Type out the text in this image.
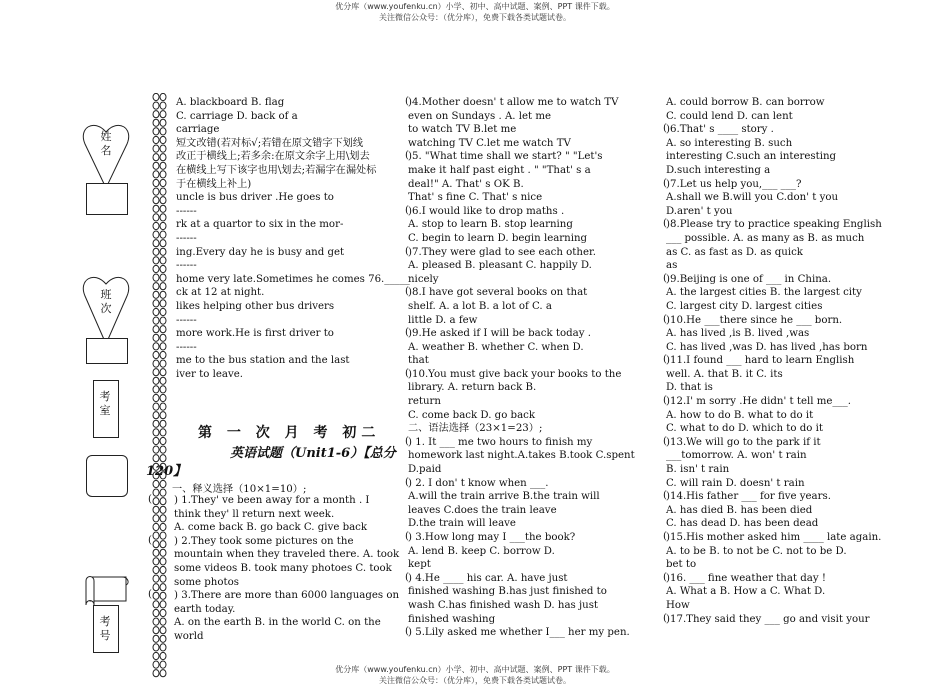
优分库（www.youfenku.cn）小学、初中、高中试题、案例、PPT 课件下载。
关注微信公众号：（优分库），免费下载各类试题试卷。
姓名
班次
考室
考号
A. blackboard B. flag
C. carriage D. back of a
carriage
短文改错(若对标√;若错在原文错字下划线
改正于横线上;若多余:在原文余字上用\划去
在横线上写下该字也用\划去;若漏字在漏处标
于在横线上补上)
uncle is bus driver .He goes to
------
rk at a quartor to six in the mor-
------
ing.Every day he is busy and get
------
home very late.Sometimes he comes 76._____
ck at 12 at night.
likes helping other bus drivers
------
more work.He is first driver to
------
me to the bus station and the last
iver to leave.
第 一 次 月 考 初二
英语试题（Unit1-6）【总分
120】
一、释义选择（10×1=10）;
) 1.They' ve been away for a month . I
think they' ll return next week.
A. come back B. go back C. give back
) 2.They took some pictures on the
mountain when they traveled there. A. took
some videos B. took many photoes C. took
some photos
) 3.There are more than 6000 languages on
earth today.
A. on the earth B. in the world C. on the
world
)4.Mother doesn' t allow me to watch TV
even on Sundays . A. let me
to watch TV B.let me
watching TV C.let me watch TV
)5. "What time shall we start? " "Let's
make it half past eight . " "That' s a
deal!" A. That' s OK B.
That' s fine C. That' s nice
)6.I would like to drop maths .
A. stop to learn B. stop learning
C. begin to learn D. begin learning
)7.They were glad to see each other.
A. pleased B. pleasant C. happily D.
nicely
)8.I have got several books on that
shelf. A. a lot B. a lot of C. a
little D. a few
)9.He asked if I will be back today .
A. weather B. whether C. when D.
that
)10.You must give back your books to the
library. A. return back B.
return
C. come back D. go back
二、语法选择（23×1=23）;
) 1. It ___ me two hours to finish my
homework last night.A.takes B.took C.spent
D.paid
) 2. I don' t know when ___.
A.will the train arrive B.the train will
leaves C.does the train leave
D.the train will leave
) 3.How long may I ___the book?
A. lend B. keep C. borrow D.
kept
) 4.He ____ his car. A. have just
finished washing B.has just finished to
wash C.has finished wash D. has just
finished washing
) 5.Lily asked me whether I___ her my pen.
A. could borrow B. can borrow
C. could lend D. can lent
)6.That' s ____ story .
A. so interesting B. such
interesting C.such an interesting
D.such interesting a
)7.Let us help you,___ ___?
A.shall we B.will you C.don' t you
D.aren' t you
)8.Please try to practice speaking English
___ possible. A. as many as B. as much
as C. as fast as D. as quick
as
)9.Beijing is one of ___ in China.
A. the largest cities B. the largest city
C. largest city D. largest cities
)10.He ___there since he ___ born.
A. has lived ,is B. lived ,was
C. has lived ,was D. has lived ,has born
)11.I found ___ hard to learn English
well. A. that B. it C. its
D. that is
)12.I' m sorry .He didn' t tell me___.
A. how to do B. what to do it
C. what to do D. which to do it
)13.We will go to the park if it
___tomorrow. A. won' t rain
B. isn' t rain
C. will rain D. doesn' t rain
)14.His father ___ for five years.
A. has died B. has been died
C. has dead D. has been dead
)15.His mother asked him ____ late again.
A. to be B. to not be C. not to be D.
bet to
)16. ___ fine weather that day !
A. What a B. How a C. What D.
How
)17.They said they ___ go and visit your
优分库（www.youfenku.cn）小学、初中、高中试题、案例、PPT 课件下载。
关注微信公众号：（优分库），免费下载各类试题试卷。
(
(
(
(
(
(
(
(
(
(
(
(
(
(
(
(
(
(
(
(
(
(
(
(
(
(
(
